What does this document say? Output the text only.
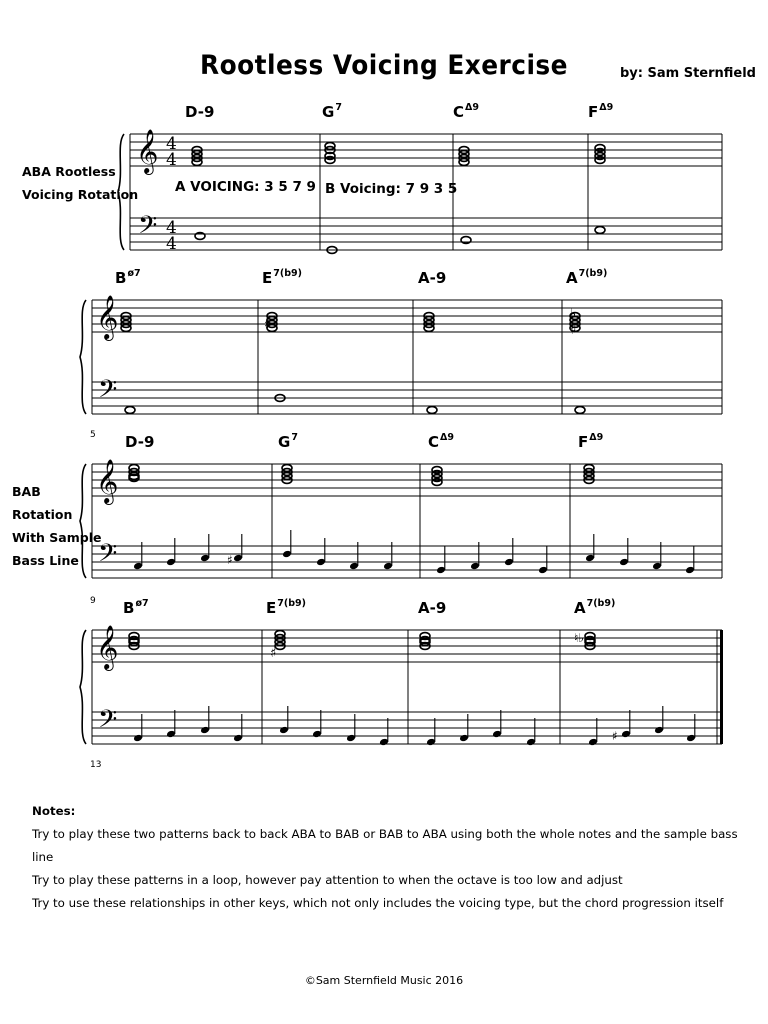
Rootless Voicing Exercise	by: Sam Sternfield
ABA Rootless
Voicing Rotation
BAB
Rotation
With Sample
Bass Line
D-9	$G^7$	$C^{\Delta 9}$	$F^{\Delta 9}$
$B^{ø7}$	$E^{7(b9)}$	A-9	$A^{7(b9)}$
D-9	$G^7$	$C^{\Delta 9}$	$F^{\Delta 9}$
$B^{ø7}$	$E^{7(b9)}$	A-9	$A^{7(b9)}$
A VOICING: 3 5 7 9 B Voicing: 7 9 3 5
5
9
13
𝄞
𝄢
4
4
4
4
𝄞
𝄢
𝄞
𝄢
𝄞
𝄢
♯
♭
♯
♯
♮♭
♯
♯
Notes:
Try to play these two patterns back to back ABA to BAB or BAB to ABA using both the whole notes and the sample bass line
Try to play these patterns in a loop, however pay attention to when the octave is too low and adjust
Try to use these relationships in other keys, which not only includes the voicing type, but the chord progression itself
©Sam Sternfield Music 2016
